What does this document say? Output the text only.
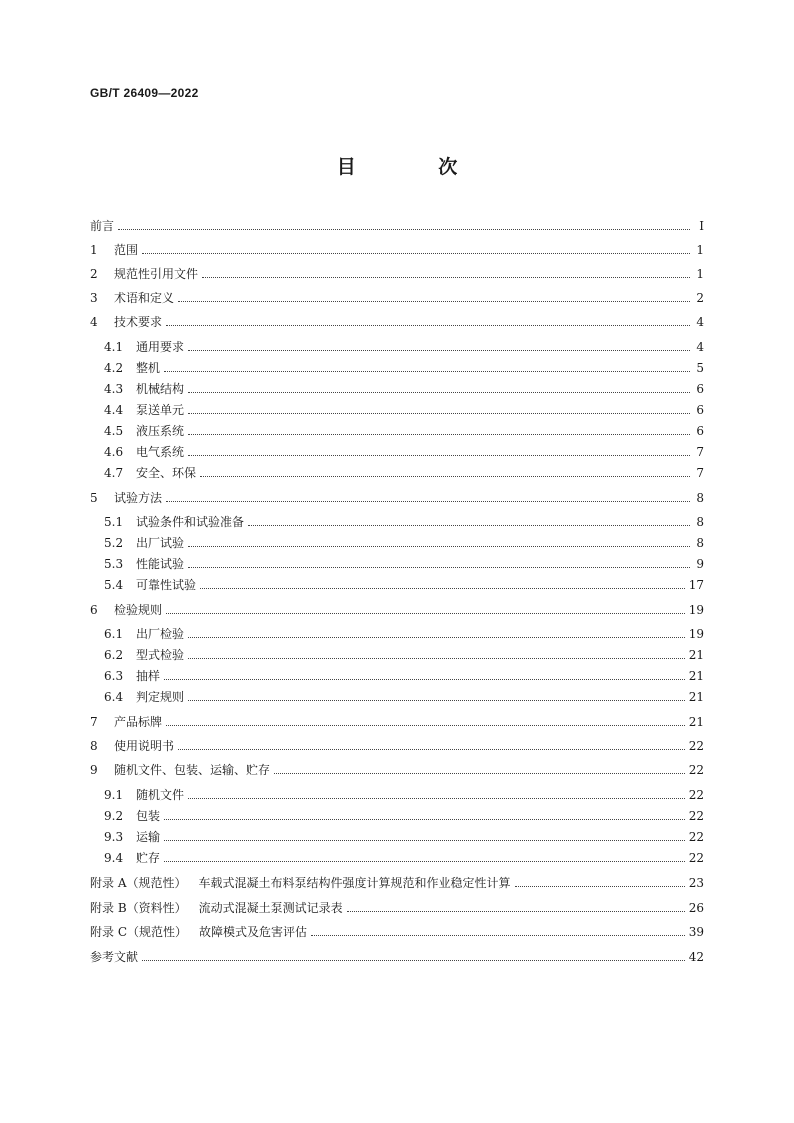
GB/T 26409—2022
目 次
前言	Ⅰ
1	范围	1
2	规范性引用文件	1
3	术语和定义	2
4	技术要求	4
4.1	通用要求	4
4.2	整机	5
4.3	机械结构	6
4.4	泵送单元	6
4.5	液压系统	6
4.6	电气系统	7
4.7	安全、环保	7
5	试验方法	8
5.1	试验条件和试验准备	8
5.2	出厂试验	8
5.3	性能试验	9
5.4	可靠性试验	17
6	检验规则	19
6.1	出厂检验	19
6.2	型式检验	21
6.3	抽样	21
6.4	判定规则	21
7	产品标牌	21
8	使用说明书	22
9	随机文件、包装、运输、贮存	22
9.1	随机文件	22
9.2	包装	22
9.3	运输	22
9.4	贮存	22
附录 A（规范性） 车载式混凝土布料泵结构件强度计算规范和作业稳定性计算	23
附录 B（资料性） 流动式混凝土泵测试记录表	26
附录 C（规范性） 故障模式及危害评估	39
参考文献	42
